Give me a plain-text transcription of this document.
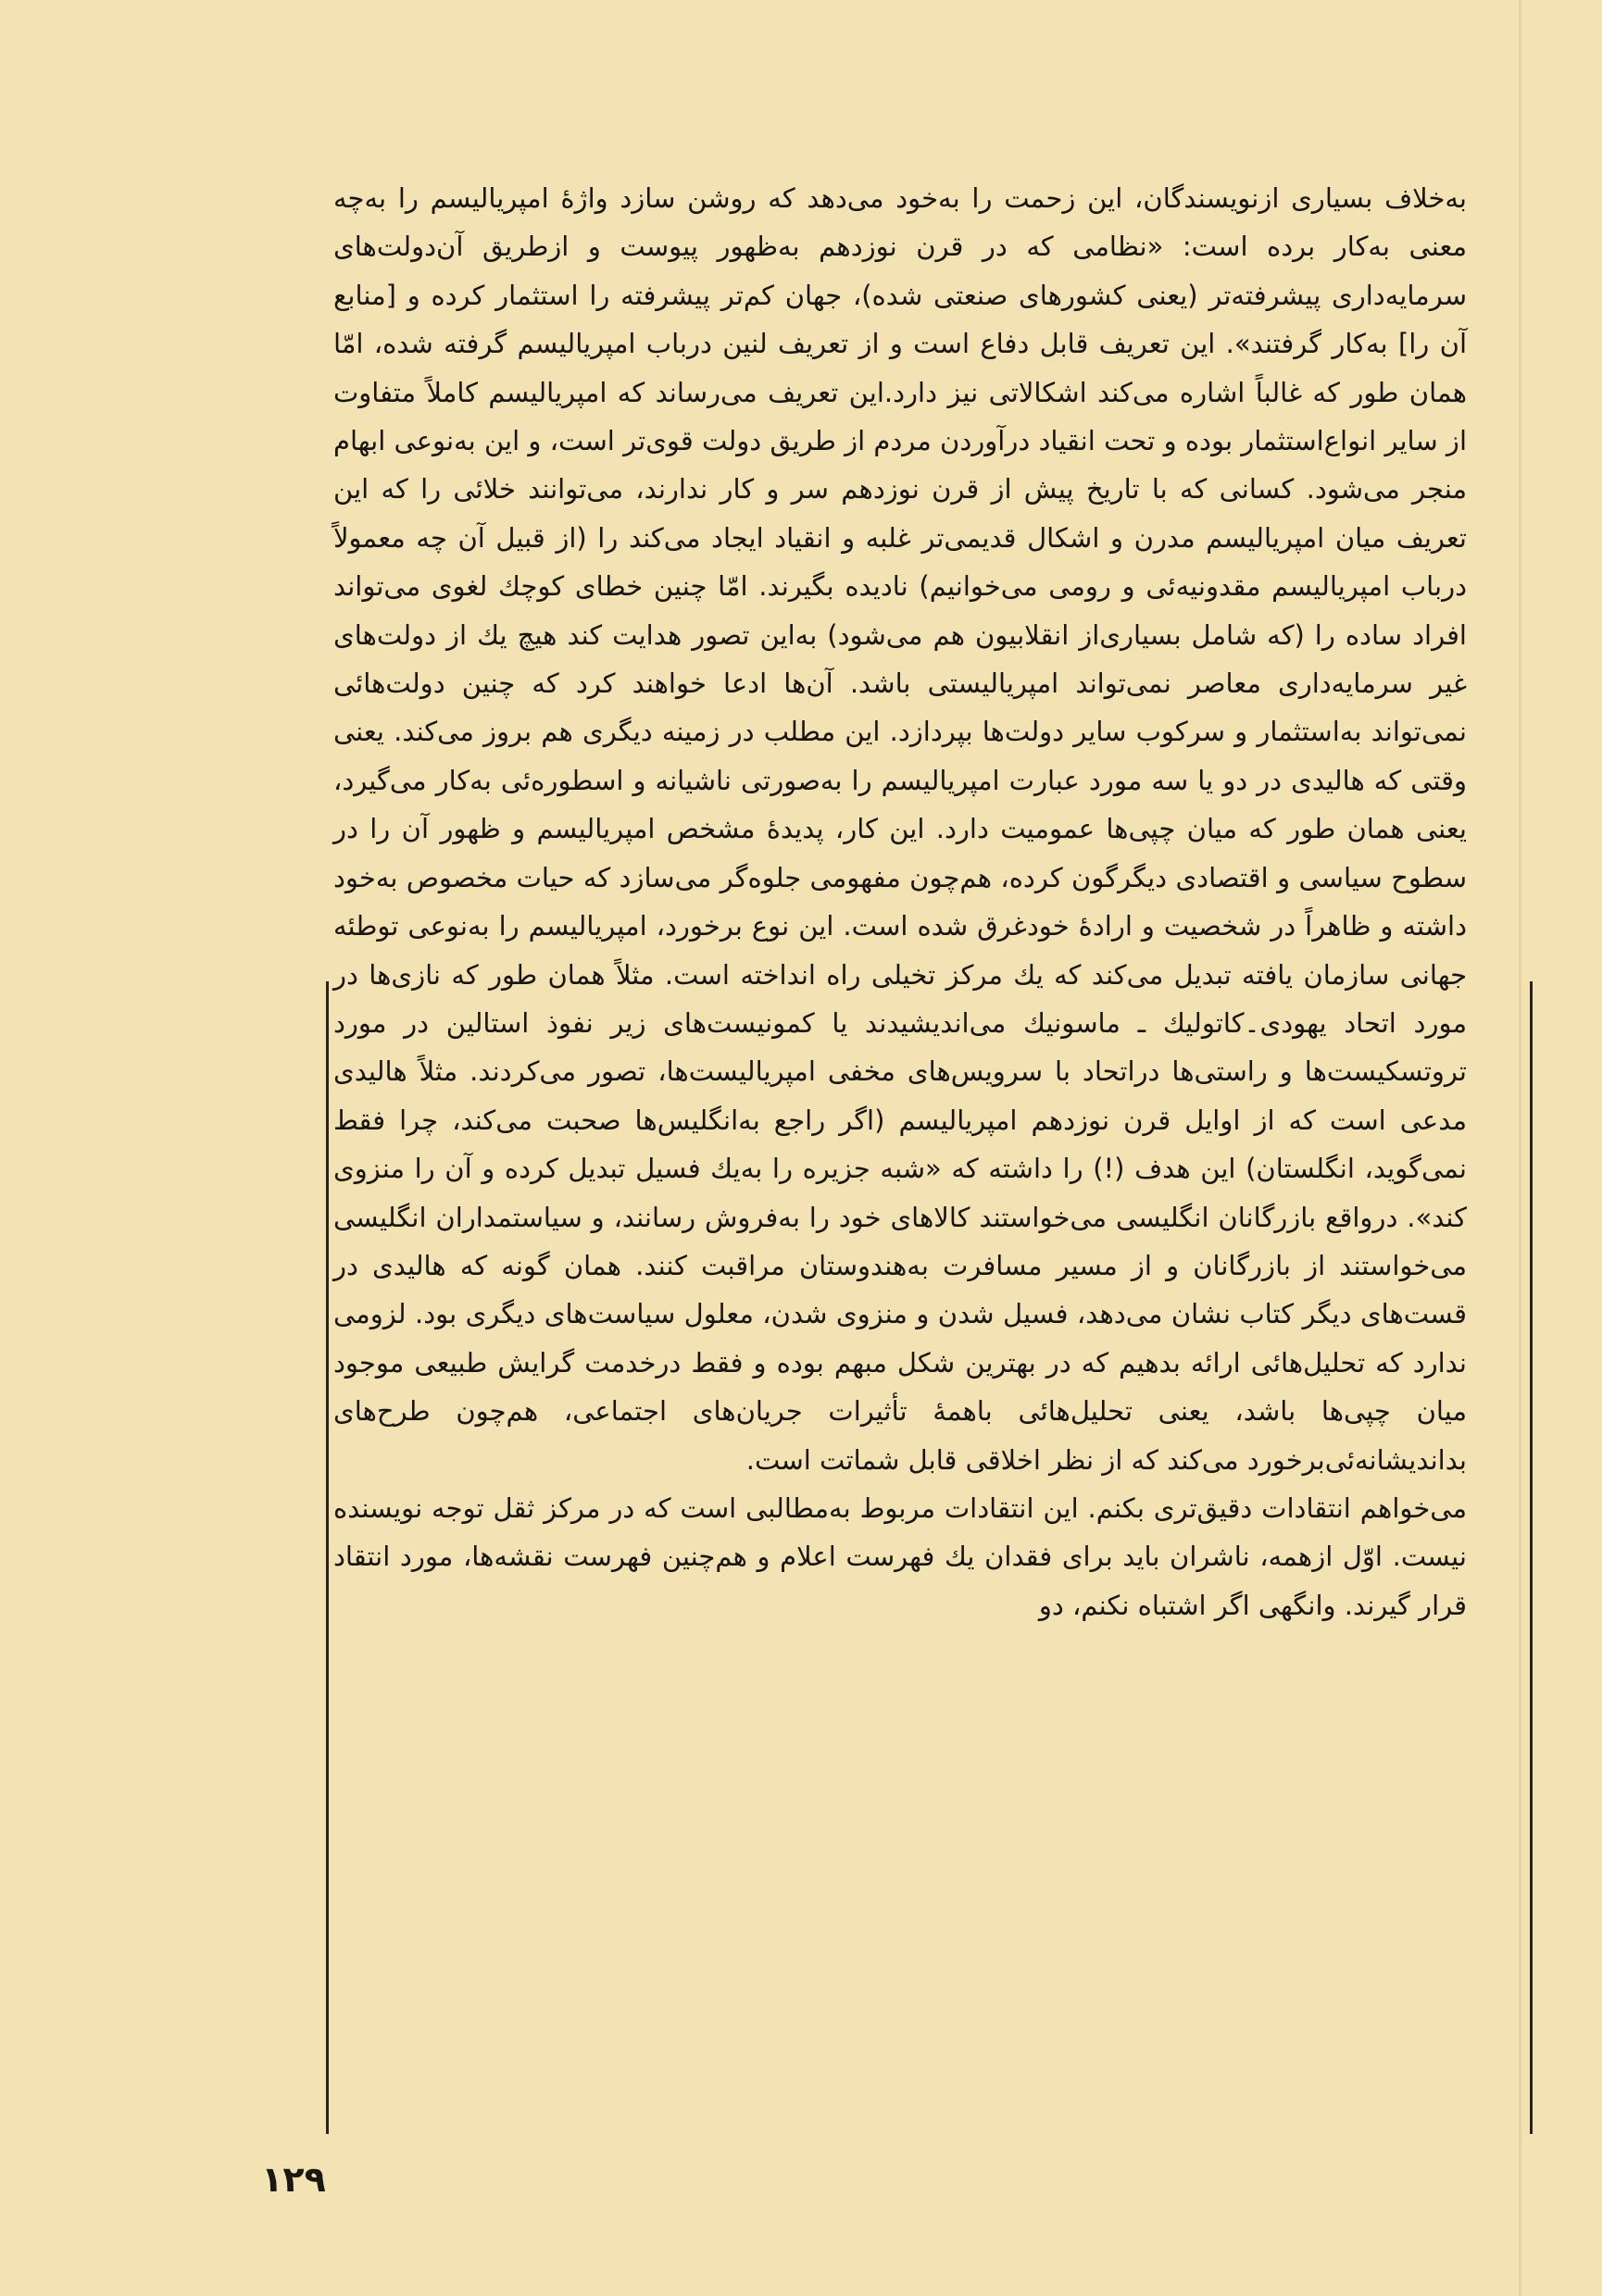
به‌خلاف بسیاری ازنویسندگان، این زحمت را به‌خود می‌دهد که روشن سازد واژهٔ امپریالیسم را به‌چه معنی به‌کار برده است: «نظامی که در قرن نوزدهم به‌ظهور پیوست و ازطریق آن‌دولت‌های سرمایه‌داری پیشرفته‌تر (یعنی کشورهای صنعتی شده)، جهان کم‌تر پیشرفته را استثمار کرده و [منابع آن را] به‌کار گرفتند». این تعریف قابل دفاع است و از تعریف لنین درباب امپریالیسم گرفته شده، امّا همان طور که غالباً اشاره می‌کند اشکالاتی نیز دارد.این تعریف می‌رساند که امپریالیسم کاملاً متفاوت از سایر انواع‌استثمار بوده و تحت انقیاد درآوردن مردم از طریق دولت قوی‌تر است، و این به‌نوعی ابهام منجر می‌شود. کسانی که با تاریخ پیش از قرن نوزدهم سر و کار ندارند، می‌توانند خلائی را که این تعریف میان امپریالیسم مدرن و اشکال قدیمی‌تر غلبه و انقیاد ایجاد می‌کند را (از قبیل آن چه معمولاً درباب امپریالیسم مقدونیه‌ئی و رومی می‌خوانیم) نادیده بگیرند. امّا چنین خطای کوچك لغوی می‌تواند افراد ساده را (که شامل بسیاری‌از انقلابیون هم می‌شود) به‌این تصور هدایت کند هیچ یك از دولت‌های غیر سرمایه‌داری معاصر نمی‌تواند امپریالیستی باشد. آن‌ها ادعا خواهند کرد که چنین دولت‌هائی نمی‌تواند به‌استثمار و سرکوب سایر دولت‌ها بپردازد. این مطلب در زمینه دیگری هم بروز می‌کند. یعنی وقتی که هالیدی در دو یا سه مورد عبارت امپریالیسم را به‌صورتی ناشیانه و اسطوره‌ئی به‌کار می‌گیرد، یعنی همان طور که میان چپی‌ها عمومیت دارد. این کار، پدیدهٔ مشخص امپریالیسم و ظهور آن را در سطوح سیاسی و اقتصادی دیگرگون کرده، هم‌چون مفهومی جلوه‌گر می‌سازد که حیات مخصوص به‌خود داشته و ظاهراً در شخصیت و ارادهٔ خودغرق شده است. این نوع برخورد، امپریالیسم را به‌نوعی توطئه جهانی سازمان یافته تبدیل می‌کند که یك مرکز تخیلی راه انداخته است. مثلاً همان طور که نازی‌ها در مورد اتحاد یهودی۔کاتولیك ـ ماسونیك می‌اندیشیدند یا کمونیست‌های زیر نفوذ استالین در مورد تروتسکیست‌ها و راستی‌ها دراتحاد با سرویس‌های مخفی امپریالیست‌ها، تصور می‌کردند. مثلاً هالیدی مدعی است که از اوایل قرن نوزدهم امپریالیسم (اگر راجع به‌انگلیس‌ها صحبت می‌کند، چرا فقط نمی‌گوید، انگلستان) این هدف (!) را داشته که «شبه جزیره را به‌یك فسیل تبدیل کرده و آن را منزوی کند». درواقع بازرگانان انگلیسی می‌خواستند کالاهای خود را به‌فروش رسانند، و سیاستمداران انگلیسی می‌خواستند از بازرگانان و از مسیر مسافرت به‌هندوستان مراقبت کنند. همان گونه که هالیدی در قست‌های دیگر کتاب نشان می‌دهد، فسیل شدن و منزوی شدن، معلول سیاست‌های دیگری بود. لزومی ندارد که تحلیل‌هائی ارائه بدهیم که در بهترین شکل مبهم بوده و فقط درخدمت گرایش طبیعی موجود میان چپی‌ها باشد، یعنی تحلیل‌هائی باهمهٔ تأثیرات جریان‌های اجتماعی، هم‌چون طرح‌های بداندیشانه‌ئی‌برخورد می‌کند که از نظر اخلاقی قابل شماتت است.

می‌خواهم انتقادات دقیق‌تری بکنم. این انتقادات مربوط به‌مطالبی است که در مرکز ثقل توجه نویسنده نیست. اوّل ازهمه، ناشران باید برای فقدان یك فهرست اعلام و هم‌چنین فهرست نقشه‌ها، مورد انتقاد قرار گیرند. وانگهی اگر اشتباه نکنم، دو

۱۲۹
